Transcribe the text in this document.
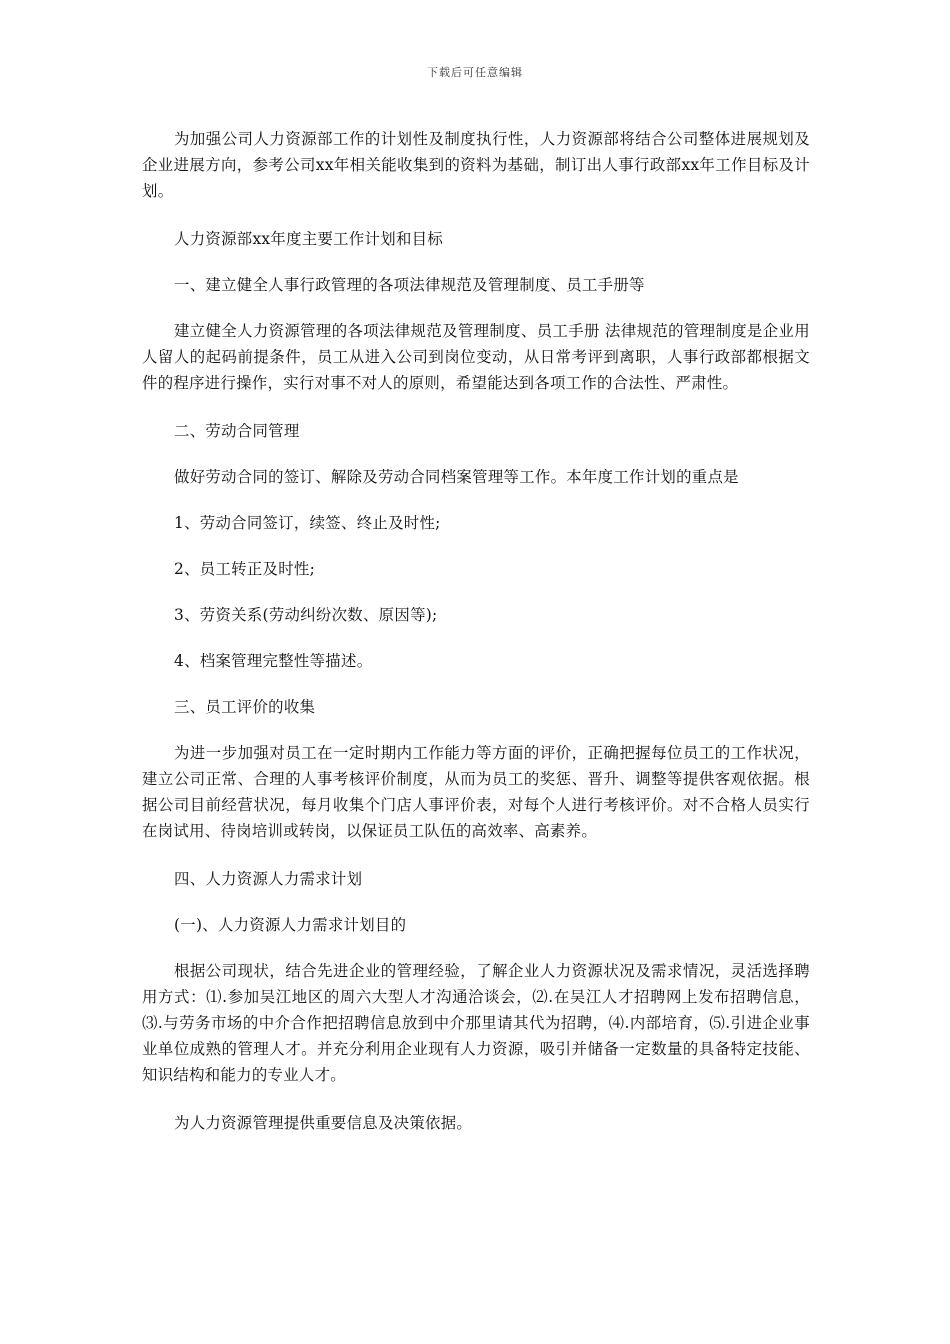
下载后可任意编辑

为加强公司人力资源部工作的计划性及制度执行性，人力资源部将结合公司整体进展规划及企业进展方向，参考公司xx年相关能收集到的资料为基础，制订出人事行政部xx年工作目标及计划。

人力资源部xx年度主要工作计划和目标

一、建立健全人事行政管理的各项法律规范及管理制度、员工手册等

建立健全人力资源管理的各项法律规范及管理制度、员工手册 法律规范的管理制度是企业用人留人的起码前提条件，员工从进入公司到岗位变动，从日常考评到离职，人事行政部都根据文件的程序进行操作，实行对事不对人的原则，希望能达到各项工作的合法性、严肃性。

二、劳动合同管理

做好劳动合同的签订、解除及劳动合同档案管理等工作。本年度工作计划的重点是

1、劳动合同签订，续签、终止及时性;

2、员工转正及时性;

3、劳资关系(劳动纠纷次数、原因等);

4、档案管理完整性等描述。

三、员工评价的收集

为进一步加强对员工在一定时期内工作能力等方面的评价，正确把握每位员工的工作状况，建立公司正常、合理的人事考核评价制度，从而为员工的奖惩、晋升、调整等提供客观依据。根据公司目前经营状况，每月收集个门店人事评价表，对每个人进行考核评价。对不合格人员实行在岗试用、待岗培训或转岗，以保证员工队伍的高效率、高素养。

四、人力资源人力需求计划

(一)、人力资源人力需求计划目的

根据公司现状，结合先进企业的管理经验，了解企业人力资源状况及需求情况，灵活选择聘用方式：⑴.参加吴江地区的周六大型人才沟通洽谈会，⑵.在吴江人才招聘网上发布招聘信息，⑶.与劳务市场的中介合作把招聘信息放到中介那里请其代为招聘，⑷.内部培育，⑸.引进企业事业单位成熟的管理人才。并充分利用企业现有人力资源，吸引并储备一定数量的具备特定技能、知识结构和能力的专业人才。

为人力资源管理提供重要信息及决策依据。
